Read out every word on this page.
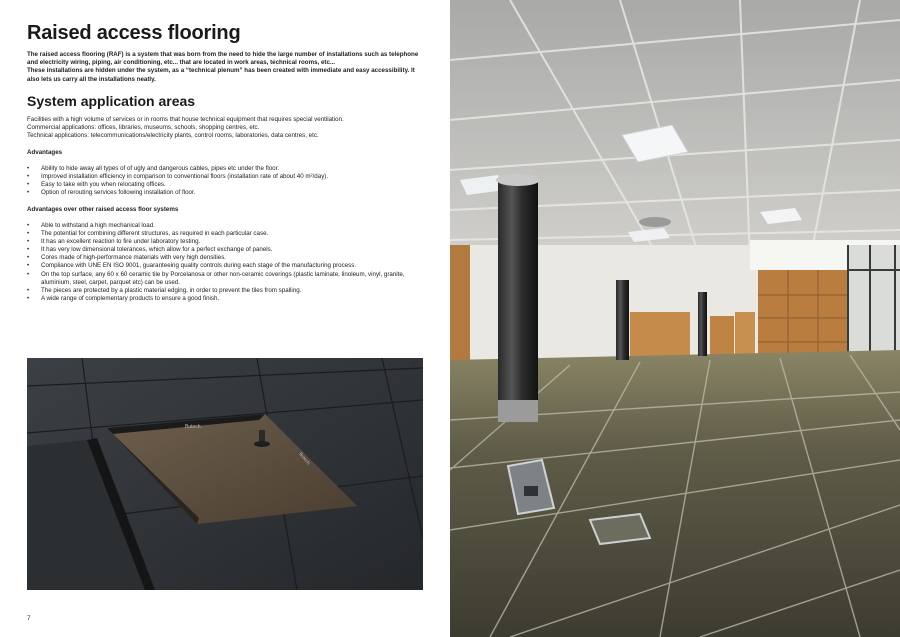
Raised access flooring

The raised access flooring (RAF) is a system that was born from the need to hide the large number of installations such as telephone and electricity wiring, piping, air conditioning, etc... that are located in work areas, technical rooms, etc...

These installations are hidden under the system, as a “technical plenum” has been created with immediate and easy accessibility. It also lets us carry all the installations neatly.

System application areas

Facilities with a high volume of services or in rooms that house technical equipment that requires special ventilation.

Commercial applications: offices, libraries, museums, schools, shopping centres, etc.

Technical applications: telecommunications/electricity plants, control rooms, laboratories, data centres, etc.

Advantages
• Ability to hide away all types of of ugly and dangerous cables, pipes etc under the floor.
• Improved installation efficiency in comparison to conventional floors (installation rate of about 40 m²/day).
• Easy to take with you when relocating offices.
• Option of rerouting services following installation of floor.
Advantages over other raised access floor systems
• Able to withstand a high mechanical load.
• The potential for combining different structures, as required in each particular case.
• It has an excellent reaction to fire under laboratory testing.
• It has very low dimensional tolerances, which allow for a perfect exchange of panels.
• Cores made of high-performance materials with very high densities.
• Compliance with UNE EN ISO 9001, guaranteeing quality controls during each stage of the manufacturing process.
• On the top surface, any 60 x 60 ceramic tile by Porcelanosa or other non-ceramic coverings (plastic laminate, linoleum, vinyl, granite, aluminium, steel, carpet, parquet etc) can be used.
• The pieces are protected by a plastic material edging, in order to prevent the tiles from spalling.
• A wide range of complementary products to ensure a good finish.
Butech.
Butech.
7
